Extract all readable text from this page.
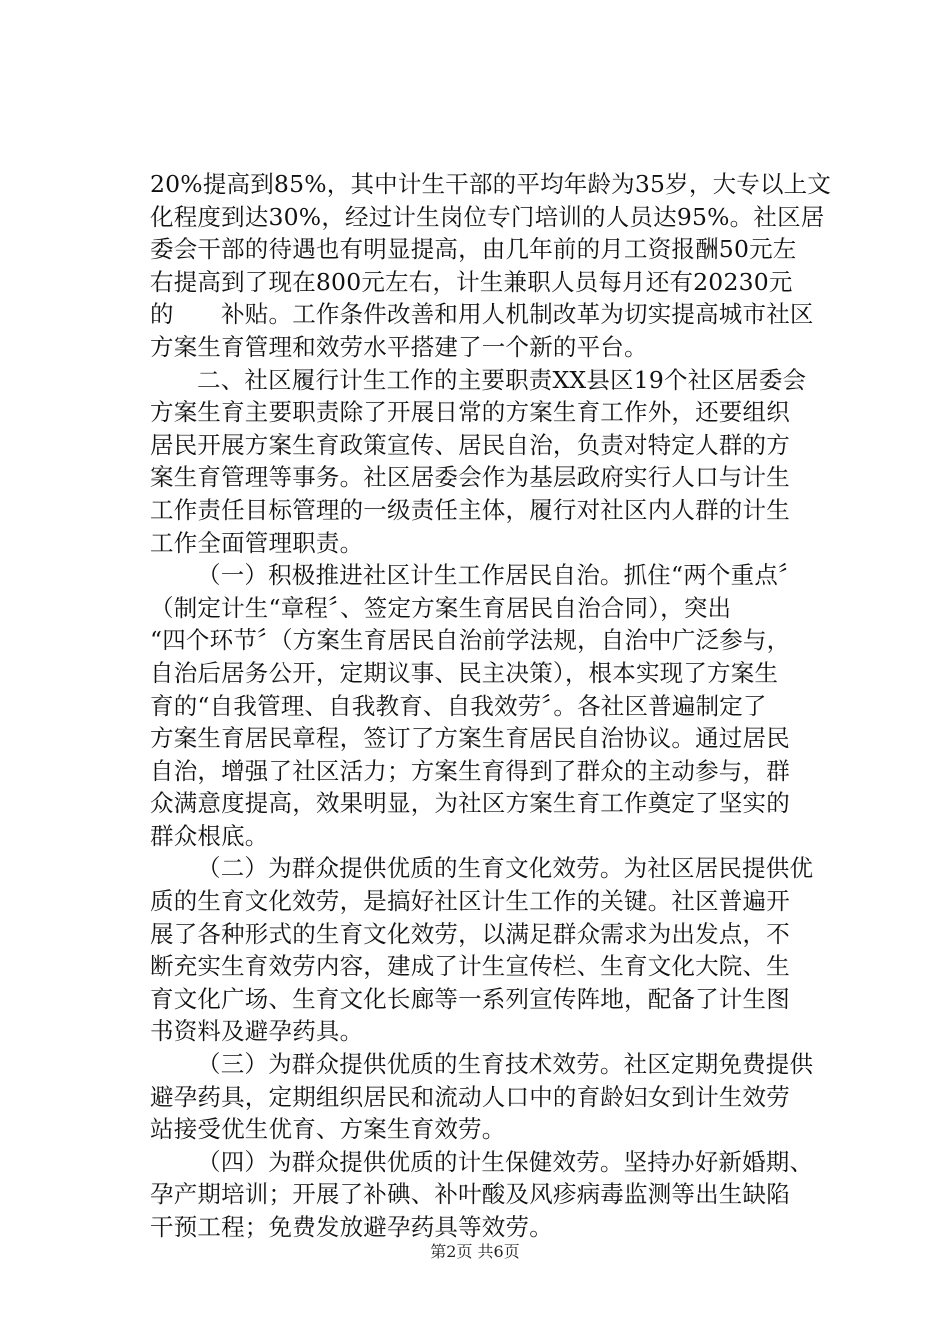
20%提高到85%，其中计生干部的平均年龄为35岁，大专以上文
化程度到达30%，经过计生岗位专门培训的人员达95%。社区居
委会干部的待遇也有明显提高，由几年前的月工资报酬50元左
右提高到了现在800元左右，计生兼职人员每月还有20230元
的　　补贴。工作条件改善和用人机制改革为切实提高城市社区
方案生育管理和效劳水平搭建了一个新的平台。
二、社区履行计生工作的主要职责XX县区19个社区居委会
方案生育主要职责除了开展日常的方案生育工作外，还要组织
居民开展方案生育政策宣传、居民自治，负责对特定人群的方
案生育管理等事务。社区居委会作为基层政府实行人口与计生
工作责任目标管理的一级责任主体，履行对社区内人群的计生
工作全面管理职责。
（一）积极推进社区计生工作居民自治。抓住“两个重点〞
（制定计生“章程〞、签定方案生育居民自治合同），突出
“四个环节〞（方案生育居民自治前学法规，自治中广泛参与，
自治后居务公开，定期议事、民主决策），根本实现了方案生
育的“自我管理、自我教育、自我效劳〞。各社区普遍制定了
方案生育居民章程，签订了方案生育居民自治协议。通过居民
自治，增强了社区活力；方案生育得到了群众的主动参与，群
众满意度提高，效果明显，为社区方案生育工作奠定了坚实的
群众根底。
（二）为群众提供优质的生育文化效劳。为社区居民提供优
质的生育文化效劳，是搞好社区计生工作的关键。社区普遍开
展了各种形式的生育文化效劳，以满足群众需求为出发点，不
断充实生育效劳内容，建成了计生宣传栏、生育文化大院、生
育文化广场、生育文化长廊等一系列宣传阵地，配备了计生图
书资料及避孕药具。
（三）为群众提供优质的生育技术效劳。社区定期免费提供
避孕药具，定期组织居民和流动人口中的育龄妇女到计生效劳
站接受优生优育、方案生育效劳。
（四）为群众提供优质的计生保健效劳。坚持办好新婚期、
孕产期培训；开展了补碘、补叶酸及风疹病毒监测等出生缺陷
干预工程；免费发放避孕药具等效劳。
第2页 共6页
